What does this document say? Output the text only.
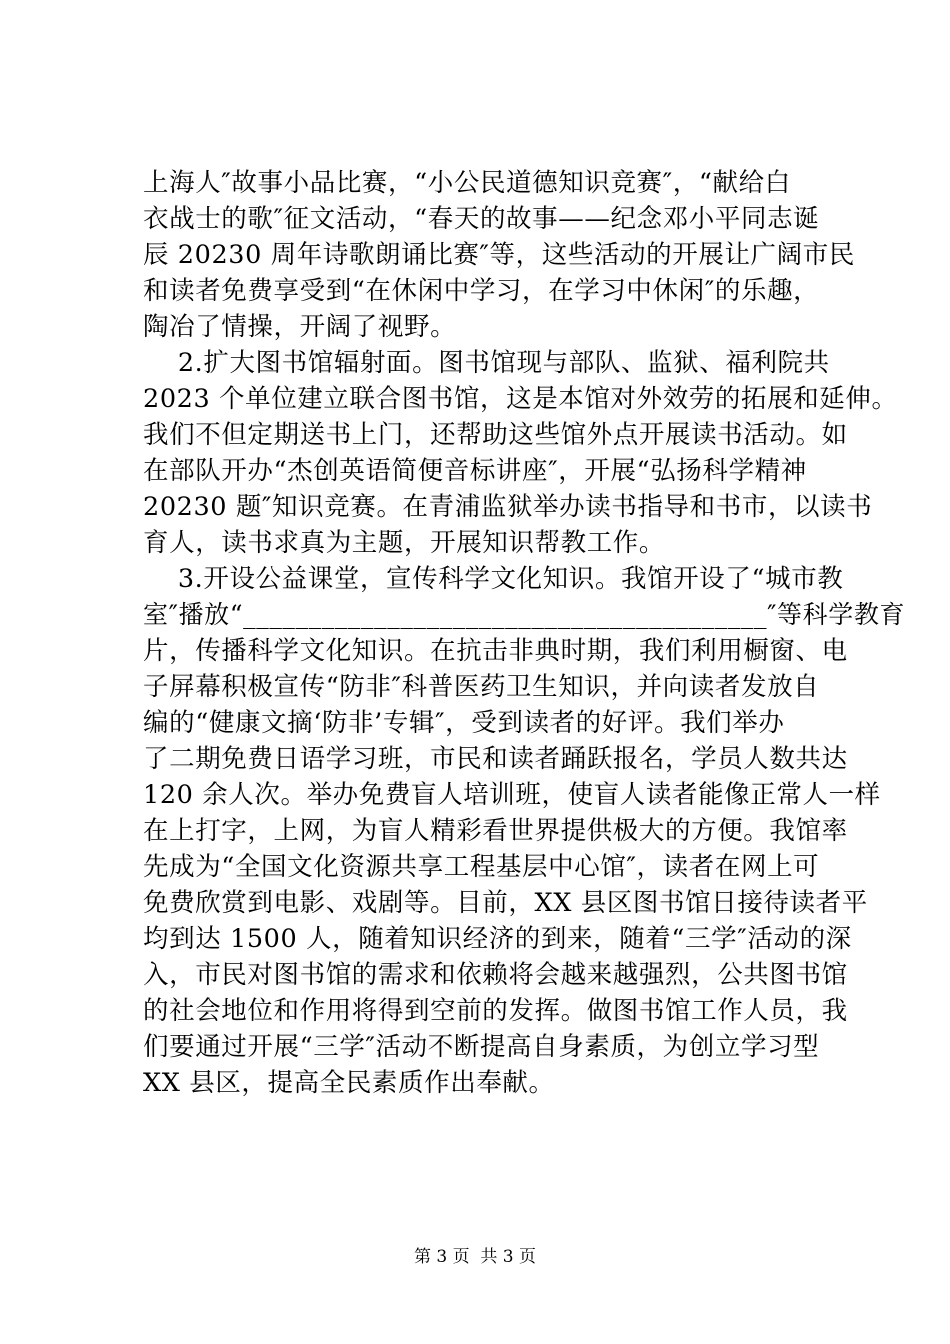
上海人″故事小品比赛，“小公民道德知识竞赛″，“献给白
衣战士的歌″征文活动，“春天的故事——纪念邓小平同志诞
辰 20230 周年诗歌朗诵比赛″等，这些活动的开展让广阔市民
和读者免费享受到“在休闲中学习，在学习中休闲″的乐趣，
陶冶了情操，开阔了视野。
2.扩大图书馆辐射面。图书馆现与部队、监狱、福利院共
2023 个单位建立联合图书馆，这是本馆对外效劳的拓展和延伸。
我们不但定期送书上门，还帮助这些馆外点开展读书活动。如
在部队开办“杰创英语简便音标讲座″，开展“弘扬科学精神
20230 题″知识竞赛。在青浦监狱举办读书指导和书市，以读书
育人，读书求真为主题，开展知识帮教工作。
3.开设公益课堂，宣传科学文化知识。我馆开设了“城市教
室″播放“________________________________________″等科学教育
片，传播科学文化知识。在抗击非典时期，我们利用橱窗、电
子屏幕积极宣传“防非″科普医药卫生知识，并向读者发放自
编的“健康文摘‘防非’专辑″，受到读者的好评。我们举办
了二期免费日语学习班，市民和读者踊跃报名，学员人数共达
120 余人次。举办免费盲人培训班，使盲人读者能像正常人一样
在上打字，上网，为盲人精彩看世界提供极大的方便。我馆率
先成为“全国文化资源共享工程基层中心馆″，读者在网上可
免费欣赏到电影、戏剧等。目前，XX 县区图书馆日接待读者平
均到达 1500 人，随着知识经济的到来，随着“三学″活动的深
入，市民对图书馆的需求和依赖将会越来越强烈，公共图书馆
的社会地位和作用将得到空前的发挥。做图书馆工作人员，我
们要通过开展“三学″活动不断提高自身素质，为创立学习型
XX 县区，提高全民素质作出奉献。
第 3 页  共 3 页
